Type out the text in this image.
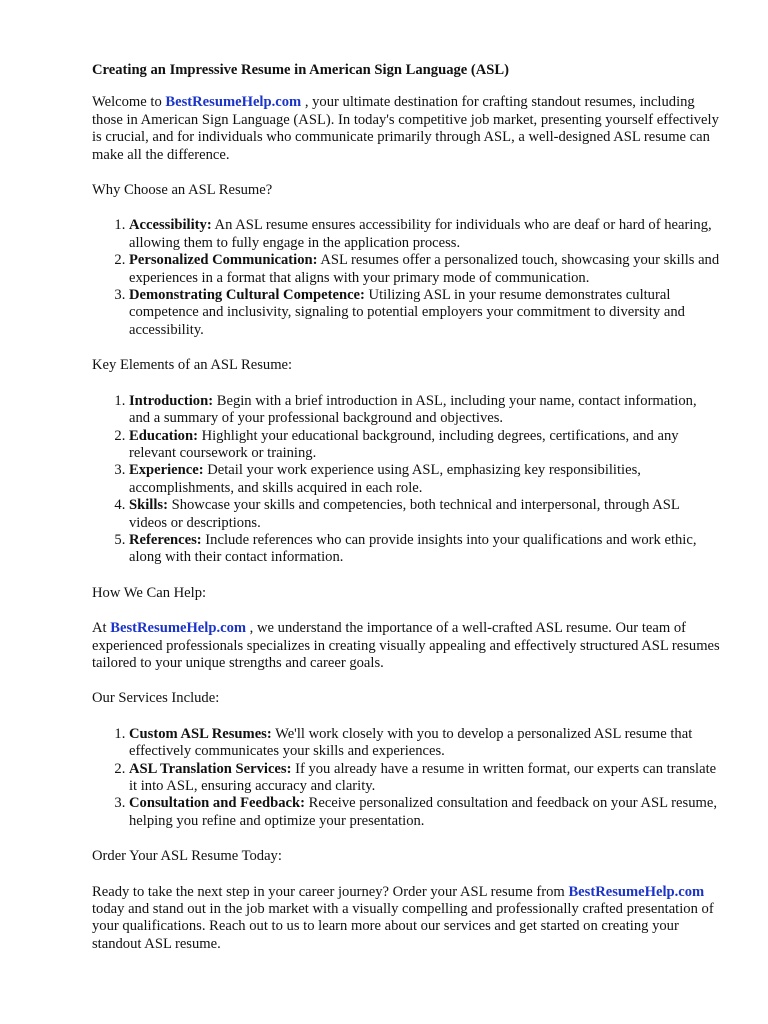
Creating an Impressive Resume in American Sign Language (ASL)

Welcome to BestResumeHelp.com , your ultimate destination for crafting standout resumes, including those in American Sign Language (ASL). In today's competitive job market, presenting yourself effectively is crucial, and for individuals who communicate primarily through ASL, a well-designed ASL resume can make all the difference.

Why Choose an ASL Resume?
1. Accessibility: An ASL resume ensures accessibility for individuals who are deaf or hard of hearing, allowing them to fully engage in the application process.
2. Personalized Communication: ASL resumes offer a personalized touch, showcasing your skills and experiences in a format that aligns with your primary mode of communication.
3. Demonstrating Cultural Competence: Utilizing ASL in your resume demonstrates cultural competence and inclusivity, signaling to potential employers your commitment to diversity and accessibility.
Key Elements of an ASL Resume:
1. Introduction: Begin with a brief introduction in ASL, including your name, contact information, and a summary of your professional background and objectives.
2. Education: Highlight your educational background, including degrees, certifications, and any relevant coursework or training.
3. Experience: Detail your work experience using ASL, emphasizing key responsibilities, accomplishments, and skills acquired in each role.
4. Skills: Showcase your skills and competencies, both technical and interpersonal, through ASL videos or descriptions.
5. References: Include references who can provide insights into your qualifications and work ethic, along with their contact information.
How We Can Help:

At BestResumeHelp.com , we understand the importance of a well-crafted ASL resume. Our team of experienced professionals specializes in creating visually appealing and effectively structured ASL resumes tailored to your unique strengths and career goals.

Our Services Include:
1. Custom ASL Resumes: We'll work closely with you to develop a personalized ASL resume that effectively communicates your skills and experiences.
2. ASL Translation Services: If you already have a resume in written format, our experts can translate it into ASL, ensuring accuracy and clarity.
3. Consultation and Feedback: Receive personalized consultation and feedback on your ASL resume, helping you refine and optimize your presentation.
Order Your ASL Resume Today:

Ready to take the next step in your career journey? Order your ASL resume from BestResumeHelp.com today and stand out in the job market with a visually compelling and professionally crafted presentation of your qualifications. Reach out to us to learn more about our services and get started on creating your standout ASL resume.
